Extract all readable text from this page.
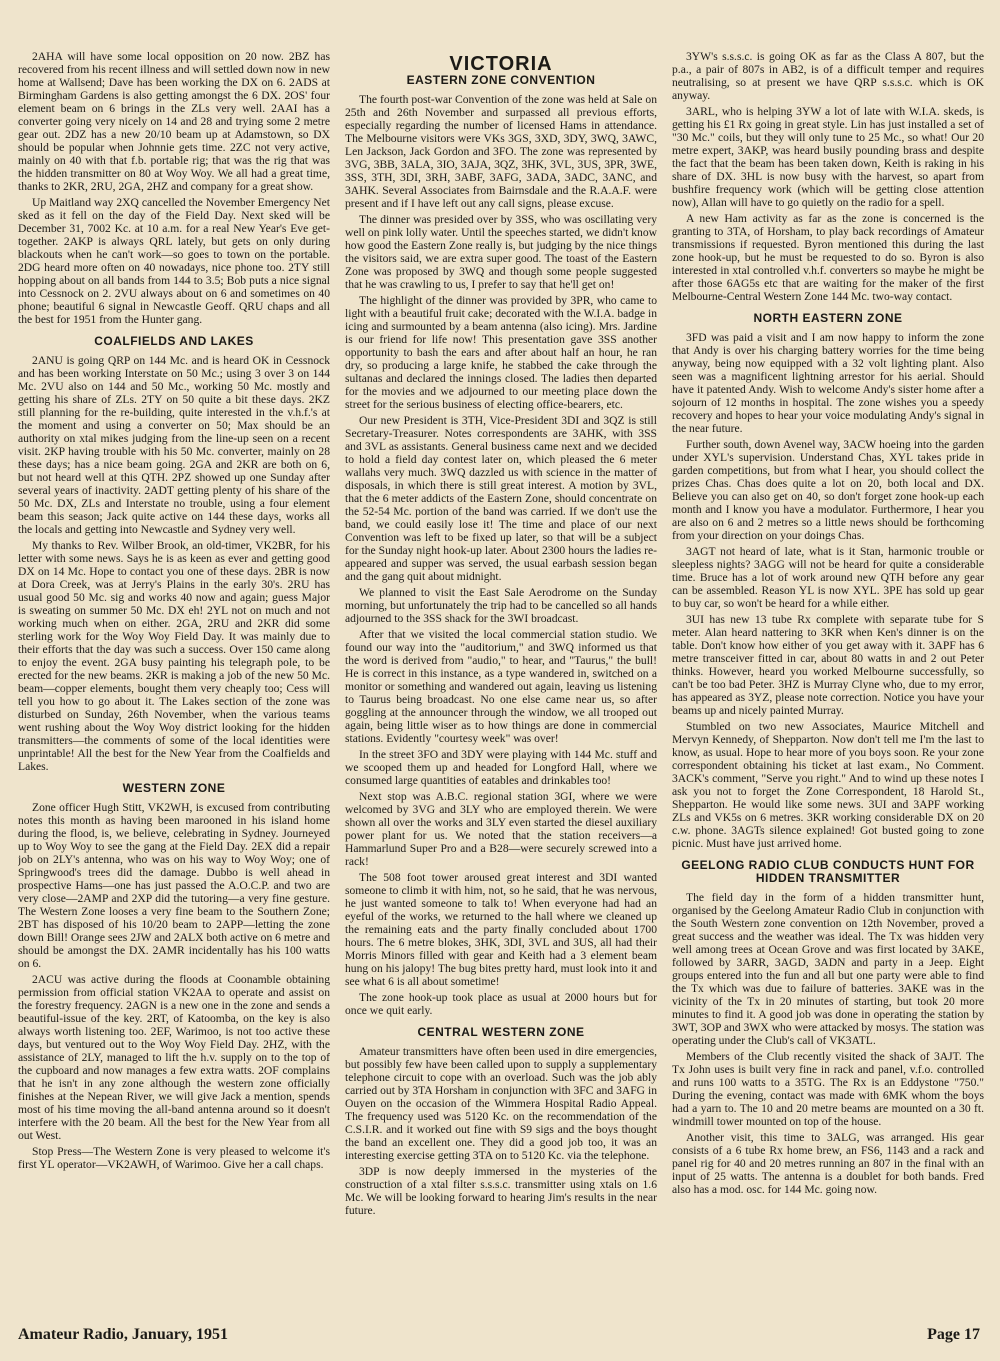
2AHA will have some local opposition on 20 now. 2BZ has recovered from his recent illness and will settled down now in new home at Wallsend; Dave has been working the DX on 6. 2ADS at Birmingham Gardens is also getting amongst the 6 DX. 2OS' four element beam on 6 brings in the ZLs very well. 2AAI has a converter going very nicely on 14 and 28 and trying some 2 metre gear out. 2DZ has a new 20/10 beam up at Adamstown, so DX should be popular when Johnnie gets time. 2ZC not very active, mainly on 40 with that f.b. portable rig; that was the rig that was the hidden transmitter on 80 at Woy Woy. We all had a great time, thanks to 2KR, 2RU, 2GA, 2HZ and company for a great show.

Up Maitland way 2XQ cancelled the November Emergency Net sked as it fell on the day of the Field Day. Next sked will be December 31, 7002 Kc. at 10 a.m. for a real New Year's Eve get-together. 2AKP is always QRL lately, but gets on only during blackouts when he can't work—so goes to town on the portable. 2DG heard more often on 40 nowadays, nice phone too. 2TY still hopping about on all bands from 144 to 3.5; Bob puts a nice signal into Cessnock on 2. 2VU always about on 6 and sometimes on 40 phone; beautiful 6 signal in Newcastle Geoff. QRU chaps and all the best for 1951 from the Hunter gang.

COALFIELDS AND LAKES

2ANU is going QRP on 144 Mc. and is heard OK in Cessnock and has been working Interstate on 50 Mc.; using 3 over 3 on 144 Mc. 2VU also on 144 and 50 Mc., working 50 Mc. mostly and getting his share of ZLs. 2TY on 50 quite a bit these days. 2KZ still planning for the re-building, quite interested in the v.h.f.'s at the moment and using a converter on 50; Max should be an authority on xtal mikes judging from the line-up seen on a recent visit. 2KP having trouble with his 50 Mc. converter, mainly on 28 these days; has a nice beam going. 2GA and 2KR are both on 6, but not heard well at this QTH. 2PZ showed up one Sunday after several years of inactivity. 2ADT getting plenty of his share of the 50 Mc. DX, ZLs and Interstate no trouble, using a four element beam this season; Jack quite active on 144 these days, works all the locals and getting into Newcastle and Sydney very well.

My thanks to Rev. Wilber Brook, an old-timer, VK2BR, for his letter with some news. Says he is as keen as ever and getting good DX on 14 Mc. Hope to contact you one of these days. 2BR is now at Dora Creek, was at Jerry's Plains in the early 30's. 2RU has usual good 50 Mc. sig and works 40 now and again; guess Major is sweating on summer 50 Mc. DX eh! 2YL not on much and not working much when on either. 2GA, 2RU and 2KR did some sterling work for the Woy Woy Field Day. It was mainly due to their efforts that the day was such a success. Over 150 came along to enjoy the event. 2GA busy painting his telegraph pole, to be erected for the new beams. 2KR is making a job of the new 50 Mc. beam—copper elements, bought them very cheaply too; Cess will tell you how to go about it. The Lakes section of the zone was disturbed on Sunday, 26th November, when the various teams went rushing about the Woy Woy district looking for the hidden transmitters—the comments of some of the local identities were unprintable! All the best for the New Year from the Coalfields and Lakes.

WESTERN ZONE

Zone officer Hugh Stitt, VK2WH, is excused from contributing notes this month as having been marooned in his island home during the flood, is, we believe, celebrating in Sydney. Journeyed up to Woy Woy to see the gang at the Field Day. 2EX did a repair job on 2LY's antenna, who was on his way to Woy Woy; one of Springwood's trees did the damage. Dubbo is well ahead in prospective Hams—one has just passed the A.O.C.P. and two are very close—2AMP and 2XP did the tutoring—a very fine gesture. The Western Zone looses a very fine beam to the Southern Zone; 2BT has disposed of his 10/20 beam to 2APP—letting the zone down Bill! Orange sees 2JW and 2ALX both active on 6 metre and should be amongst the DX. 2AMR incidentally has his 100 watts on 6.

2ACU was active during the floods at Coonamble obtaining permission from official station VK2AA to operate and assist on the forestry frequency. 2AGN is a new one in the zone and sends a beautiful-issue of the key. 2RT, of Katoomba, on the key is also always worth listening too. 2EF, Warimoo, is not too active these days, but ventured out to the Woy Woy Field Day. 2HZ, with the assistance of 2LY, managed to lift the h.v. supply on to the top of the cupboard and now manages a few extra watts. 2OF complains that he isn't in any zone although the western zone officially finishes at the Nepean River, we will give Jack a mention, spends most of his time moving the all-band antenna around so it doesn't interfere with the 20 beam. All the best for the New Year from all out West.

Stop Press—The Western Zone is very pleased to welcome it's first YL operator—VK2AWH, of Warimoo. Give her a call chaps.

VICTORIA
EASTERN ZONE CONVENTION

The fourth post-war Convention of the zone was held at Sale on 25th and 26th November and surpassed all previous efforts, especially regarding the number of licensed Hams in attendance. The Melbourne visitors were VKs 3GS, 3XD, 3DY, 3WQ, 3AWC, Len Jackson, Jack Gordon and 3FO. The zone was represented by 3VG, 3BB, 3ALA, 3IO, 3AJA, 3QZ, 3HK, 3VL, 3US, 3PR, 3WE, 3SS, 3TH, 3DI, 3RH, 3ABF, 3AFG, 3ADA, 3ADC, 3ANC, and 3AHK. Several Associates from Bairnsdale and the R.A.A.F. were present and if I have left out any call signs, please excuse.

The dinner was presided over by 3SS, who was oscillating very well on pink lolly water. Until the speeches started, we didn't know how good the Eastern Zone really is, but judging by the nice things the visitors said, we are extra super good. The toast of the Eastern Zone was proposed by 3WQ and though some people suggested that he was crawling to us, I prefer to say that he'll get on!

The highlight of the dinner was provided by 3PR, who came to light with a beautiful fruit cake; decorated with the W.I.A. badge in icing and surmounted by a beam antenna (also icing). Mrs. Jardine is our friend for life now! This presentation gave 3SS another opportunity to bash the ears and after about half an hour, he ran dry, so producing a large knife, he stabbed the cake through the sultanas and declared the innings closed. The ladies then departed for the movies and we adjourned to our meeting place down the street for the serious business of electing office-bearers, etc.

Our new President is 3TH, Vice-President 3DI and 3QZ is still Secretary-Treasurer. Notes correspondents are 3AHK, with 3SS and 3VL as assistants. General business came next and we decided to hold a field day contest later on, which pleased the 6 meter wallahs very much. 3WQ dazzled us with science in the matter of disposals, in which there is still great interest. A motion by 3VL, that the 6 meter addicts of the Eastern Zone, should concentrate on the 52-54 Mc. portion of the band was carried. If we don't use the band, we could easily lose it! The time and place of our next Convention was left to be fixed up later, so that will be a subject for the Sunday night hook-up later. About 2300 hours the ladies re-appeared and supper was served, the usual earbash session began and the gang quit about midnight.

We planned to visit the East Sale Aerodrome on the Sunday morning, but unfortunately the trip had to be cancelled so all hands adjourned to the 3SS shack for the 3WI broadcast.

After that we visited the local commercial station studio. We found our way into the "auditorium," and 3WQ informed us that the word is derived from "audio," to hear, and "Taurus," the bull! He is correct in this instance, as a type wandered in, switched on a monitor or something and wandered out again, leaving us listening to Taurus being broadcast. No one else came near us, so after goggling at the announcer through the window, we all trooped out again, being little wiser as to how things are done in commercial stations. Evidently "courtesy week" was over!

In the street 3FO and 3DY were playing with 144 Mc. stuff and we scooped them up and headed for Longford Hall, where we consumed large quantities of eatables and drinkables too!

Next stop was A.B.C. regional station 3GI, where we were welcomed by 3VG and 3LY who are employed therein. We were shown all over the works and 3LY even started the diesel auxiliary power plant for us. We noted that the station receivers—a Hammarlund Super Pro and a B28—were securely screwed into a rack!

The 508 foot tower aroused great interest and 3DI wanted someone to climb it with him, not, so he said, that he was nervous, he just wanted someone to talk to! When everyone had had an eyeful of the works, we returned to the hall where we cleaned up the remaining eats and the party finally concluded about 1700 hours. The 6 metre blokes, 3HK, 3DI, 3VL and 3US, all had their Morris Minors filled with gear and Keith had a 3 element beam hung on his jalopy! The bug bites pretty hard, must look into it and see what 6 is all about sometime!

The zone hook-up took place as usual at 2000 hours but for once we quit early.

CENTRAL WESTERN ZONE

Amateur transmitters have often been used in dire emergencies, but possibly few have been called upon to supply a supplementary telephone circuit to cope with an overload. Such was the job ably carried out by 3TA Horsham in conjunction with 3FC and 3AFG in Ouyen on the occasion of the Wimmera Hospital Radio Appeal. The frequency used was 5120 Kc. on the recommendation of the C.S.I.R. and it worked out fine with S9 sigs and the boys thought the band an excellent one. They did a good job too, it was an interesting exercise getting 3TA on to 5120 Kc. via the telephone.

3DP is now deeply immersed in the mysteries of the construction of a xtal filter s.s.s.c. transmitter using xtals on 1.6 Mc. We will be looking forward to hearing Jim's results in the near future.

3YW's s.s.s.c. is going OK as far as the Class A 807, but the p.a., a pair of 807s in AB2, is of a difficult temper and requires neutralising, so at present we have QRP s.s.s.c. which is OK anyway.

3ARL, who is helping 3YW a lot of late with W.I.A. skeds, is getting his £1 Rx going in great style. Lin has just installed a set of "30 Mc." coils, but they will only tune to 25 Mc., so what! Our 20 metre expert, 3AKP, was heard busily pounding brass and despite the fact that the beam has been taken down, Keith is raking in his share of DX. 3HL is now busy with the harvest, so apart from bushfire frequency work (which will be getting close attention now), Allan will have to go quietly on the radio for a spell.

A new Ham activity as far as the zone is concerned is the granting to 3TA, of Horsham, to play back recordings of Amateur transmissions if requested. Byron mentioned this during the last zone hook-up, but he must be requested to do so. Byron is also interested in xtal controlled v.h.f. converters so maybe he might be after those 6AG5s etc that are waiting for the maker of the first Melbourne-Central Western Zone 144 Mc. two-way contact.

NORTH EASTERN ZONE

3FD was paid a visit and I am now happy to inform the zone that Andy is over his charging battery worries for the time being anyway, being now equipped with a 32 volt lighting plant. Also seen was a magnificent lightning arrestor for his aerial. Should have it patented Andy. Wish to welcome Andy's sister home after a sojourn of 12 months in hospital. The zone wishes you a speedy recovery and hopes to hear your voice modulating Andy's signal in the near future.

Further south, down Avenel way, 3ACW hoeing into the garden under XYL's supervision. Understand Chas, XYL takes pride in garden competitions, but from what I hear, you should collect the prizes Chas. Chas does quite a lot on 20, both local and DX. Believe you can also get on 40, so don't forget zone hook-up each month and I know you have a modulator. Furthermore, I hear you are also on 6 and 2 metres so a little news should be forthcoming from your direction on your doings Chas.

3AGT not heard of late, what is it Stan, harmonic trouble or sleepless nights? 3AGG will not be heard for quite a considerable time. Bruce has a lot of work around new QTH before any gear can be assembled. Reason YL is now XYL. 3PE has sold up gear to buy car, so won't be heard for a while either.

3UI has new 13 tube Rx complete with separate tube for S meter. Alan heard nattering to 3KR when Ken's dinner is on the table. Don't know how either of you get away with it. 3APF has 6 metre transceiver fitted in car, about 80 watts in and 2 out Peter thinks. However, heard you worked Melbourne successfully, so can't be too bad Peter. 3HZ is Murray Clyne who, due to my error, has appeared as 3YZ, please note correction. Notice you have your beams up and nicely painted Murray.

Stumbled on two new Associates, Maurice Mitchell and Mervyn Kennedy, of Shepparton. Now don't tell me I'm the last to know, as usual. Hope to hear more of you boys soon. Re your zone correspondent obtaining his ticket at last exam., No Comment. 3ACK's comment, "Serve you right." And to wind up these notes I ask you not to forget the Zone Correspondent, 18 Harold St., Shepparton. He would like some news. 3UI and 3APF working ZLs and VK5s on 6 metres. 3KR working considerable DX on 20 c.w. phone. 3AGTs silence explained! Got busted going to zone picnic. Must have just arrived home.

GEELONG RADIO CLUB CONDUCTS HUNT FOR HIDDEN TRANSMITTER

The field day in the form of a hidden transmitter hunt, organised by the Geelong Amateur Radio Club in conjunction with the South Western zone convention on 12th November, proved a great success and the weather was ideal. The Tx was hidden very well among trees at Ocean Grove and was first located by 3AKE, followed by 3ARR, 3AGD, 3ADN and party in a Jeep. Eight groups entered into the fun and all but one party were able to find the Tx which was due to failure of batteries. 3AKE was in the vicinity of the Tx in 20 minutes of starting, but took 20 more minutes to find it. A good job was done in operating the station by 3WT, 3OP and 3WX who were attacked by mosys. The station was operating under the Club's call of VK3ATL.

Members of the Club recently visited the shack of 3AJT. The Tx John uses is built very fine in rack and panel, v.f.o. controlled and runs 100 watts to a 35TG. The Rx is an Eddystone "750." During the evening, contact was made with 6MK whom the boys had a yarn to. The 10 and 20 metre beams are mounted on a 30 ft. windmill tower mounted on top of the house.

Another visit, this time to 3ALG, was arranged. His gear consists of a 6 tube Rx home brew, an FS6, 1143 and a rack and panel rig for 40 and 20 metres running an 807 in the final with an input of 25 watts. The antenna is a doublet for both bands. Fred also has a mod. osc. for 144 Mc. going now.

Amateur Radio, January, 1951	Page 17
